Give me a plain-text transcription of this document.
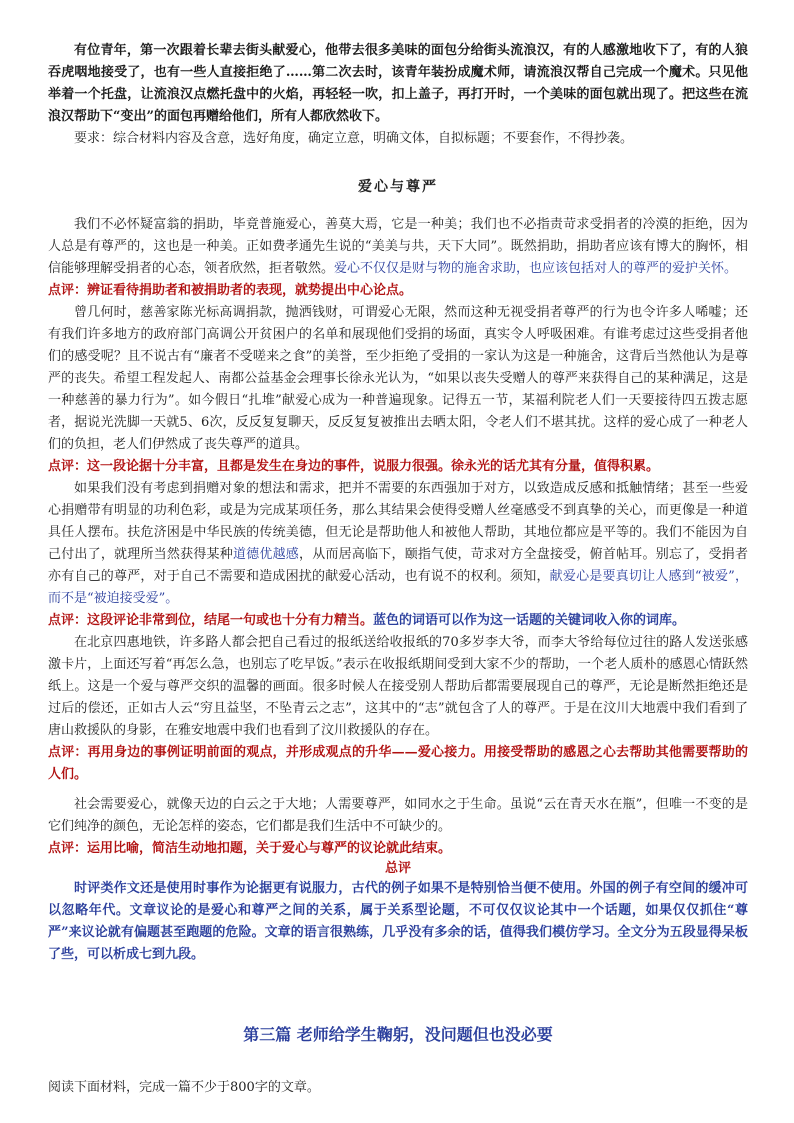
有位青年，第一次跟着长辈去街头献爱心，他带去很多美味的面包分给街头流浪汉，有的人感激地收下了，有的人狼吞虎咽地接受了，也有一些人直接拒绝了……第二次去时，该青年装扮成魔术师，请流浪汉帮自己完成一个魔术。只见他举着一个托盘，让流浪汉点燃托盘中的火焰，再轻轻一吹，扣上盖子，再打开时，一个美味的面包就出现了。把这些在流浪汉帮助下“变出”的面包再赠给他们，所有人都欣然收下。

要求：综合材料内容及含意，选好角度，确定立意，明确文体，自拟标题；不要套作，不得抄袭。

爱心与尊严

我们不必怀疑富翁的捐助，毕竟普施爱心，善莫大焉，它是一种美；我们也不必指责苛求受捐者的冷漠的拒绝，因为人总是有尊严的，这也是一种美。正如费孝通先生说的“美美与共，天下大同”。既然捐助，捐助者应该有博大的胸怀，相信能够理解受捐者的心态，领者欣然，拒者敬然。爱心不仅仅是财与物的施舍求助，也应该包括对人的尊严的爱护关怀。

点评：辨证看待捐助者和被捐助者的表现，就势提出中心论点。

曾几何时，慈善家陈光标高调捐款，抛洒钱财，可谓爱心无限，然而这种无视受捐者尊严的行为也令许多人唏嘘；还有我们许多地方的政府部门高调公开贫困户的名单和展现他们受捐的场面，真实令人呼吸困难。有谁考虑过这些受捐者他们的感受呢？且不说古有“廉者不受嗟来之食”的美誉，至少拒绝了受捐的一家认为这是一种施舍，这背后当然他认为是尊严的丧失。希望工程发起人、南都公益基金会理事长徐永光认为，“如果以丧失受赠人的尊严来获得自己的某种满足，这是一种慈善的暴力行为”。如今假日“扎堆”献爱心成为一种普遍现象。记得五一节，某福利院老人们一天要接待四五拨志愿者，据说光洗脚一天就5、6次，反反复复聊天，反反复复被推出去晒太阳，令老人们不堪其扰。这样的爱心成了一种老人们的负担，老人们伊然成了丧失尊严的道具。

点评：这一段论据十分丰富，且都是发生在身边的事件，说服力很强。徐永光的话尤其有分量，值得积累。

如果我们没有考虑到捐赠对象的想法和需求，把并不需要的东西强加于对方，以致造成反感和抵触情绪；甚至一些爱心捐赠带有明显的功利色彩，或是为完成某项任务，那么其结果会使得受赠人丝毫感受不到真挚的关心，而更像是一种道具任人摆布。扶危济困是中华民族的传统美德，但无论是帮助他人和被他人帮助，其地位都应是平等的。我们不能因为自己付出了，就理所当然获得某种道德优越感，从而居高临下，颐指气使，苛求对方全盘接受，俯首帖耳。别忘了，受捐者亦有自己的尊严，对于自己不需要和造成困扰的献爱心活动，也有说不的权利。须知，献爱心是要真切让人感到“被爱”，而不是“被迫接受爱”。

点评：这段评论非常到位，结尾一句或也十分有力精当。蓝色的词语可以作为这一话题的关键词收入你的词库。

在北京四惠地铁，许多路人都会把自己看过的报纸送给收报纸的70多岁李大爷，而李大爷给每位过往的路人发送张感激卡片，上面还写着“再怎么急，也别忘了吃早饭。”表示在收报纸期间受到大家不少的帮助，一个老人质朴的感恩心情跃然纸上。这是一个爱与尊严交织的温馨的画面。很多时候人在接受别人帮助后都需要展现自己的尊严，无论是断然拒绝还是过后的偿还，正如古人云“穷且益坚，不坠青云之志”，这其中的“志”就包含了人的尊严。于是在汶川大地震中我们看到了唐山救援队的身影，在雅安地震中我们也看到了汶川救援队的存在。

点评：再用身边的事例证明前面的观点，并形成观点的升华——爱心接力。用接受帮助的感恩之心去帮助其他需要帮助的人们。

社会需要爱心，就像天边的白云之于大地；人需要尊严，如同水之于生命。虽说“云在青天水在瓶”，但唯一不变的是它们纯净的颜色，无论怎样的姿态，它们都是我们生活中不可缺少的。

点评：运用比喻，简洁生动地扣题，关于爱心与尊严的议论就此结束。

总评

时评类作文还是使用时事作为论据更有说服力，古代的例子如果不是特别恰当便不使用。外国的例子有空间的缓冲可以忽略年代。文章议论的是爱心和尊严之间的关系，属于关系型论题，不可仅仅议论其中一个话题，如果仅仅抓住“尊严”来议论就有偏题甚至跑题的危险。文章的语言很熟练，几乎没有多余的话，值得我们模仿学习。全文分为五段显得呆板了些，可以析成七到九段。

第三篇 老师给学生鞠躬，没问题但也没必要

阅读下面材料，完成一篇不少于800字的文章。
